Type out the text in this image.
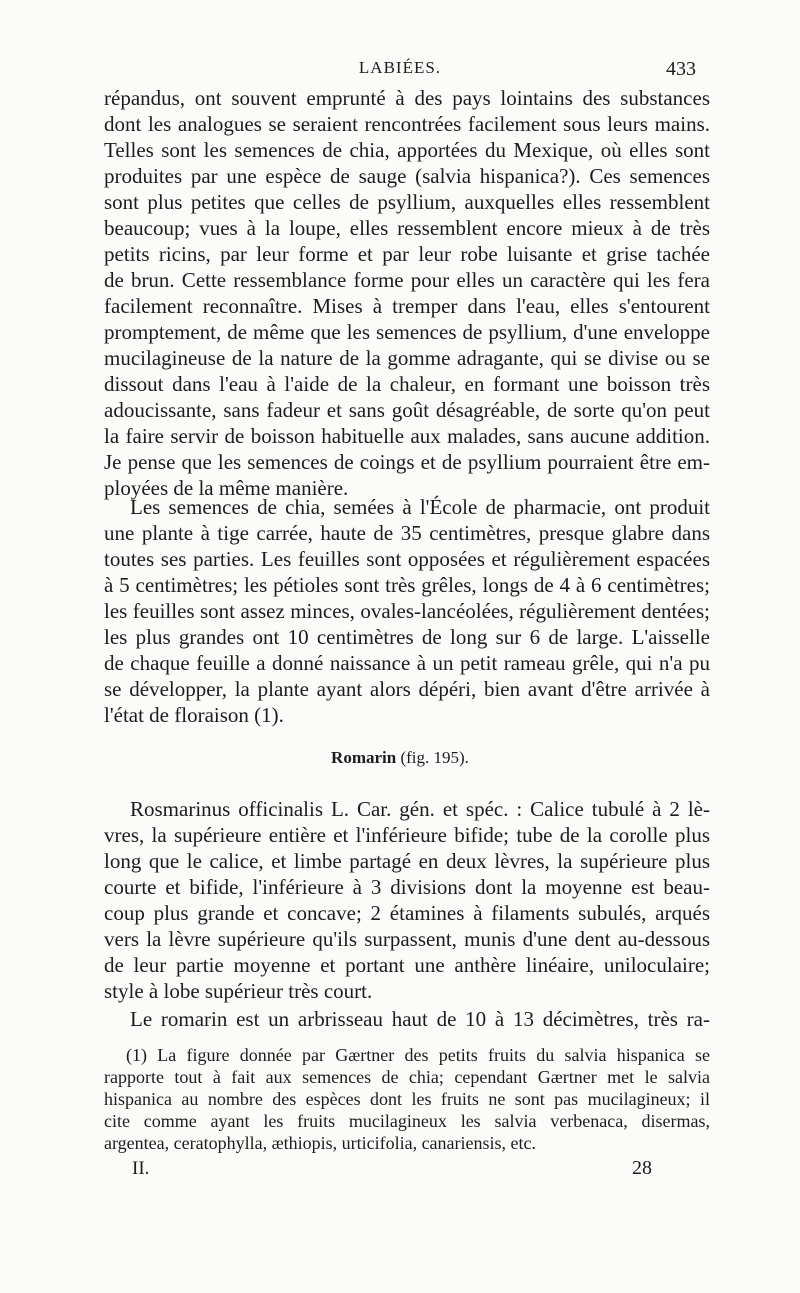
LABIÉES.	433
répandus, ont souvent emprunté à des pays lointains des substances
dont les analogues se seraient rencontrées facilement sous leurs mains.
Telles sont les semences de chia, apportées du Mexique, où elles sont
produites par une espèce de sauge (salvia hispanica?). Ces semences
sont plus petites que celles de psyllium, auxquelles elles ressemblent
beaucoup; vues à la loupe, elles ressemblent encore mieux à de très
petits ricins, par leur forme et par leur robe luisante et grise tachée
de brun. Cette ressemblance forme pour elles un caractère qui les fera
facilement reconnaître. Mises à tremper dans l'eau, elles s'entourent
promptement, de même que les semences de psyllium, d'une enveloppe
mucilagineuse de la nature de la gomme adragante, qui se divise ou se
dissout dans l'eau à l'aide de la chaleur, en formant une boisson très
adoucissante, sans fadeur et sans goût désagréable, de sorte qu'on peut
la faire servir de boisson habituelle aux malades, sans aucune addition.
Je pense que les semences de coings et de psyllium pourraient être em-
ployées de la même manière.
Les semences de chia, semées à l'École de pharmacie, ont produit
une plante à tige carrée, haute de 35 centimètres, presque glabre dans
toutes ses parties. Les feuilles sont opposées et régulièrement espacées
à 5 centimètres; les pétioles sont très grêles, longs de 4 à 6 centimètres;
les feuilles sont assez minces, ovales-lancéolées, régulièrement dentées;
les plus grandes ont 10 centimètres de long sur 6 de large. L'aisselle
de chaque feuille a donné naissance à un petit rameau grêle, qui n'a pu
se développer, la plante ayant alors dépéri, bien avant d'être arrivée à
l'état de floraison (1).
Romarin (fig. 195).
Rosmarinus officinalis L. Car. gén. et spéc. : Calice tubulé à 2 lè-
vres, la supérieure entière et l'inférieure bifide; tube de la corolle plus
long que le calice, et limbe partagé en deux lèvres, la supérieure plus
courte et bifide, l'inférieure à 3 divisions dont la moyenne est beau-
coup plus grande et concave; 2 étamines à filaments subulés, arqués
vers la lèvre supérieure qu'ils surpassent, munis d'une dent au-dessous
de leur partie moyenne et portant une anthère linéaire, uniloculaire;
style à lobe supérieur très court.
Le romarin est un arbrisseau haut de 10 à 13 décimètres, très ra-
(1) La figure donnée par Gærtner des petits fruits du salvia hispanica se
rapporte tout à fait aux semences de chia; cependant Gærtner met le salvia
hispanica au nombre des espèces dont les fruits ne sont pas mucilagineux; il
cite comme ayant les fruits mucilagineux les salvia verbenaca, disermas,
argentea, ceratophylla, æthiopis, urticifolia, canariensis, etc.
II.	28
